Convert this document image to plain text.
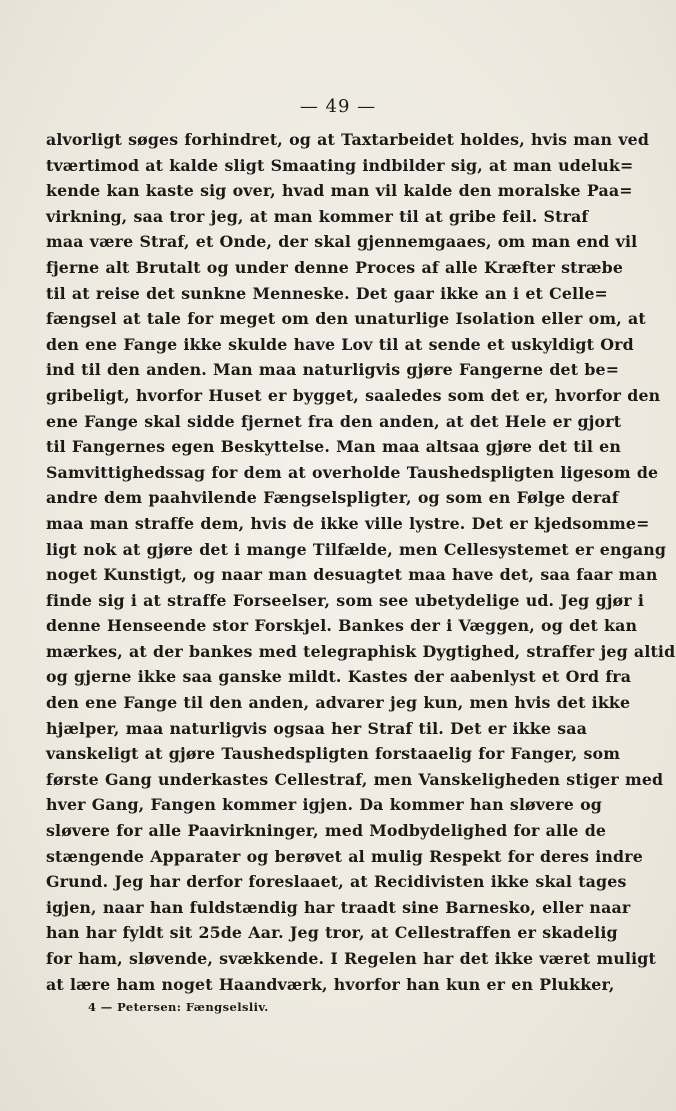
— 49 —
alvorligt søges forhindret, og at Taxtarbeidet holdes, hvis man ved
tværtimod at kalde sligt Smaating indbilder sig, at man udeluk=
kende kan kaste sig over, hvad man vil kalde den moralske Paa=
virkning, saa tror jeg, at man kommer til at gribe feil. Straf
maa være Straf, et Onde, der skal gjennemgaaes, om man end vil
fjerne alt Brutalt og under denne Proces af alle Kræfter stræbe
til at reise det sunkne Menneske. Det gaar ikke an i et Celle=
fængsel at tale for meget om den unaturlige Isolation eller om, at
den ene Fange ikke skulde have Lov til at sende et uskyldigt Ord
ind til den anden. Man maa naturligvis gjøre Fangerne det be=
gribeligt, hvorfor Huset er bygget, saaledes som det er, hvorfor den
ene Fange skal sidde fjernet fra den anden, at det Hele er gjort
til Fangernes egen Beskyttelse. Man maa altsaa gjøre det til en
Samvittighedssag for dem at overholde Taushedspligten ligesom de
andre dem paahvilende Fængselspligter, og som en Følge deraf
maa man straffe dem, hvis de ikke ville lystre. Det er kjedsomme=
ligt nok at gjøre det i mange Tilfælde, men Cellesystemet er engang
noget Kunstigt, og naar man desuagtet maa have det, saa faar man
finde sig i at straffe Forseelser, som see ubetydelige ud. Jeg gjør i
denne Henseende stor Forskjel. Bankes der i Væggen, og det kan
mærkes, at der bankes med telegraphisk Dygtighed, straffer jeg altid
og gjerne ikke saa ganske mildt. Kastes der aabenlyst et Ord fra
den ene Fange til den anden, advarer jeg kun, men hvis det ikke
hjælper, maa naturligvis ogsaa her Straf til. Det er ikke saa
vanskeligt at gjøre Taushedspligten forstaaelig for Fanger, som
første Gang underkastes Cellestraf, men Vanskeligheden stiger med
hver Gang, Fangen kommer igjen. Da kommer han sløvere og
sløvere for alle Paavirkninger, med Modbydelighed for alle de
stængende Apparater og berøvet al mulig Respekt for deres indre
Grund. Jeg har derfor foreslaaet, at Recidivisten ikke skal tages
igjen, naar han fuldstændig har traadt sine Barnesko, eller naar
han har fyldt sit 25de Aar. Jeg tror, at Cellestraffen er skadelig
for ham, sløvende, svækkende. I Regelen har det ikke været muligt
at lære ham noget Haandværk, hvorfor han kun er en Plukker,
4 — Petersen: Fængselsliv.
